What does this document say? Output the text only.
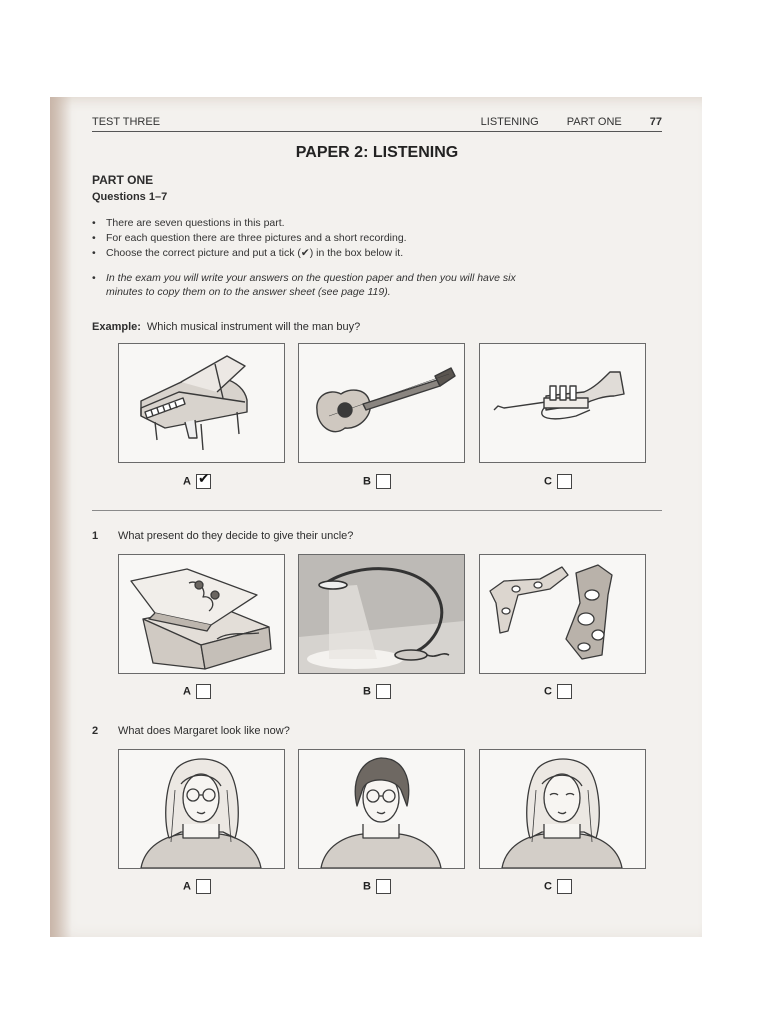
TEST THREE	LISTENING	PART ONE	77
PAPER 2: LISTENING
PART ONE
Questions 1–7
• There are seven questions in this part.
• For each question there are three pictures and a short recording.
• Choose the correct picture and put a tick (✔) in the box below it.
• In the exam you will write your answers on the question paper and then you will have six minutes to copy them on to the answer sheet (see page 119).
Example: Which musical instrument will the man buy?
A ✔	B	C
1 What present do they decide to give their uncle?
A	B	C
2 What does Margaret look like now?
A	B	C
